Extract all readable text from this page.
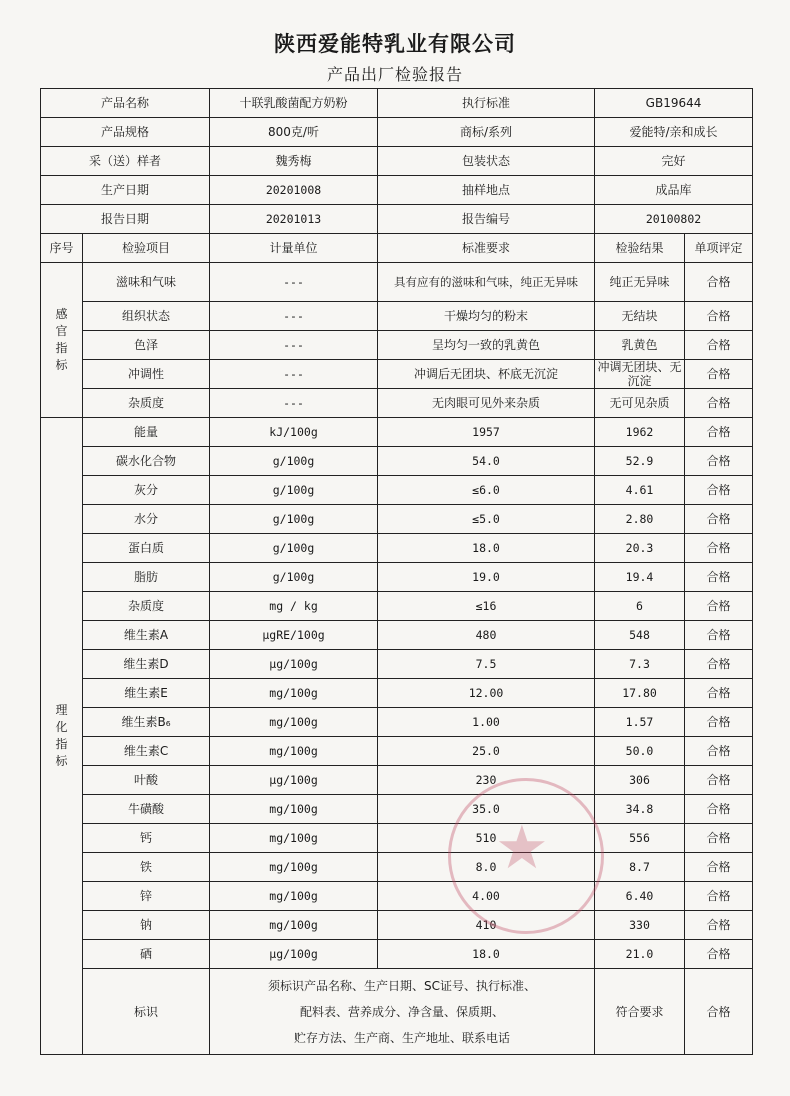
陕西爱能特乳业有限公司
产品出厂检验报告
产品名称		十联乳酸菌配方奶粉	执行标准	GB19644	
产品规格		800克/听	商标/系列	爱能特/亲和成长	
采（送）样者		魏秀梅	包装状态	完好	
生产日期		20201008	抽样地点	成品库	
报告日期		20201013	报告编号	20100802	
序号	检验项目	计量单位	标准要求	检验结果	单项评定
感
官
指
标	滋味和气味	---	具有应有的滋味和气味，纯正无异味	纯正无异味	合格
	组织状态	---	干燥均匀的粉末	无结块	合格
	色泽	---	呈均匀一致的乳黄色	乳黄色	合格
	冲调性	---	冲调后无团块、杯底无沉淀	冲调无团块、无沉淀	合格
	杂质度	---	无肉眼可见外来杂质	无可见杂质	合格
理
化
指
标	能量	kJ/100g	1957	1962	合格
	碳水化合物	g/100g	54.0	52.9	合格
	灰分	g/100g	≤6.0	4.61	合格
	水分	g/100g	≤5.0	2.80	合格
	蛋白质	g/100g	18.0	20.3	合格
	脂肪	g/100g	19.0	19.4	合格
	杂质度	mg / kg	≤16	6	合格
	维生素A	μgRE/100g	480	548	合格
	维生素D	μg/100g	7.5	7.3	合格
	维生素E	mg/100g	12.00	17.80	合格
	维生素B₆	mg/100g	1.00	1.57	合格
	维生素C	mg/100g	25.0	50.0	合格
	叶酸	μg/100g	230	306	合格
	牛磺酸	mg/100g	35.0	34.8	合格
	钙	mg/100g	510	556	合格
	铁	mg/100g	8.0	8.7	合格
	锌	mg/100g	4.00	6.40	合格
	钠	mg/100g	410	330	合格
	硒	μg/100g	18.0	21.0	合格
	标识	须标识产品名称、生产日期、SC证号、执行标准、
配料表、营养成分、净含量、保质期、
贮存方法、生产商、生产地址、联系电话		符合要求	合格
★
